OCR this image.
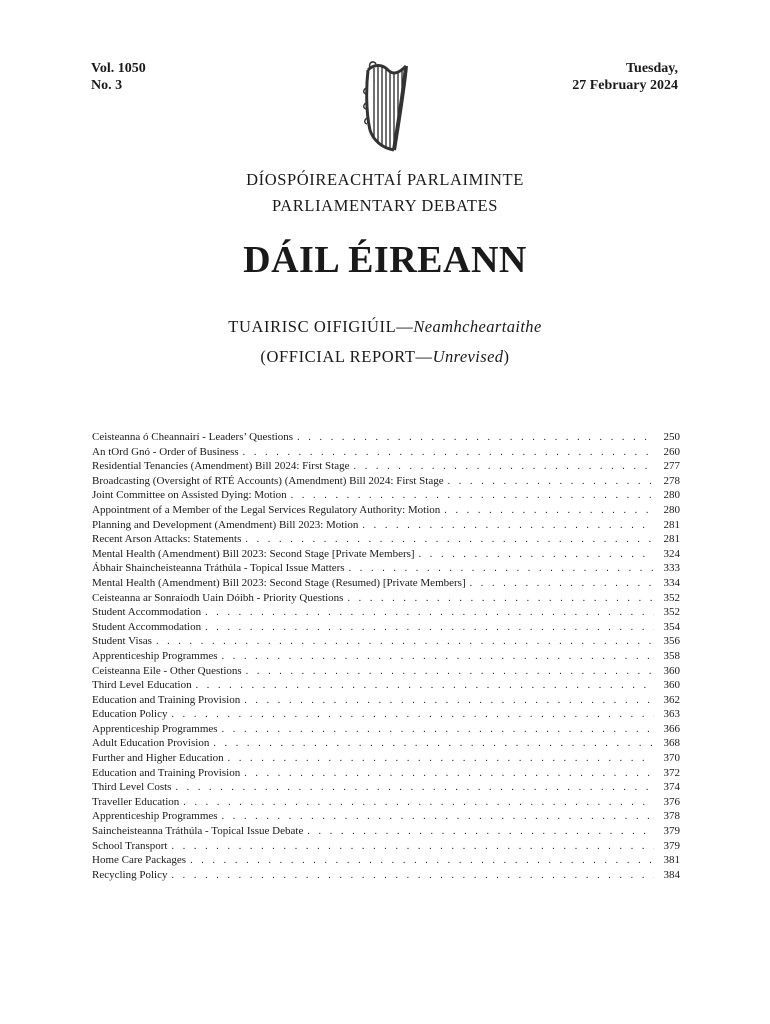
Vol. 1050
No. 3
Tuesday,
27 February 2024
DÍOSPÓIREACHTAÍ PARLAIMINTE
PARLIAMENTARY DEBATES
DÁIL ÉIREANN
TUAIRISC OIFIGIÚIL—Neamhcheartaithe
(OFFICIAL REPORT—Unrevised)
Ceisteanna ó Cheannairí - Leaders’ Questions . . .	250
An tOrd Gnó - Order of Business . . .	260
Residential Tenancies (Amendment) Bill 2024: First Stage . . .	277
Broadcasting (Oversight of RTÉ Accounts) (Amendment) Bill 2024: First Stage . . .	278
Joint Committee on Assisted Dying: Motion . . .	280
Appointment of a Member of the Legal Services Regulatory Authority: Motion . . .	280
Planning and Development (Amendment) Bill 2023: Motion . . .	281
Recent Arson Attacks: Statements . . .	281
Mental Health (Amendment) Bill 2023: Second Stage [Private Members] . . .	324
Ábhair Shaincheisteanna Tráthúla - Topical Issue Matters . . .	333
Mental Health (Amendment) Bill 2023: Second Stage (Resumed) [Private Members] . . .	334
Ceisteanna ar Sonraíodh Uain Dóibh - Priority Questions . . .	352
Student Accommodation . . .	352
Student Accommodation . . .	354
Student Visas . . .	356
Apprenticeship Programmes . . .	358
Ceisteanna Eile - Other Questions . . .	360
Third Level Education . . .	360
Education and Training Provision . . .	362
Education Policy . . .	363
Apprenticeship Programmes . . .	366
Adult Education Provision . . .	368
Further and Higher Education . . .	370
Education and Training Provision . . .	372
Third Level Costs . . .	374
Traveller Education . . .	376
Apprenticeship Programmes . . .	378
Saincheisteanna Tráthúla - Topical Issue Debate . . .	379
School Transport . . .	379
Home Care Packages . . .	381
Recycling Policy . . .	384
